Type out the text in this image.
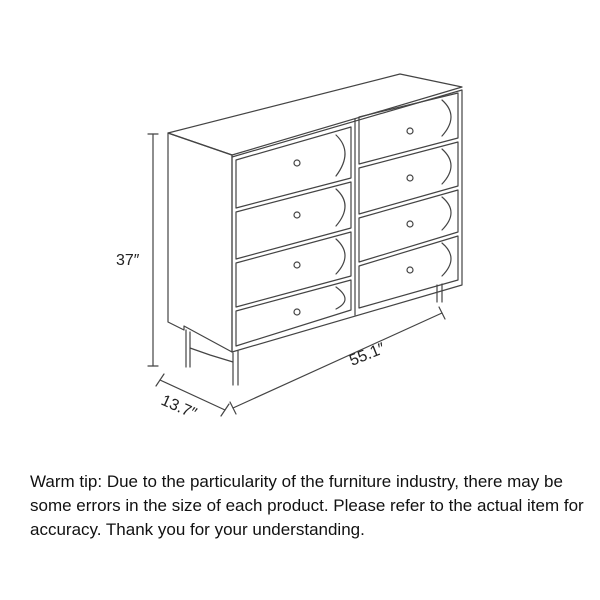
37″
55.1″
13.7″

Warm tip: Due to the particularity of the furniture industry, there may be some errors in the size of each product. Please refer to the actual item for accuracy. Thank you for your understanding.
